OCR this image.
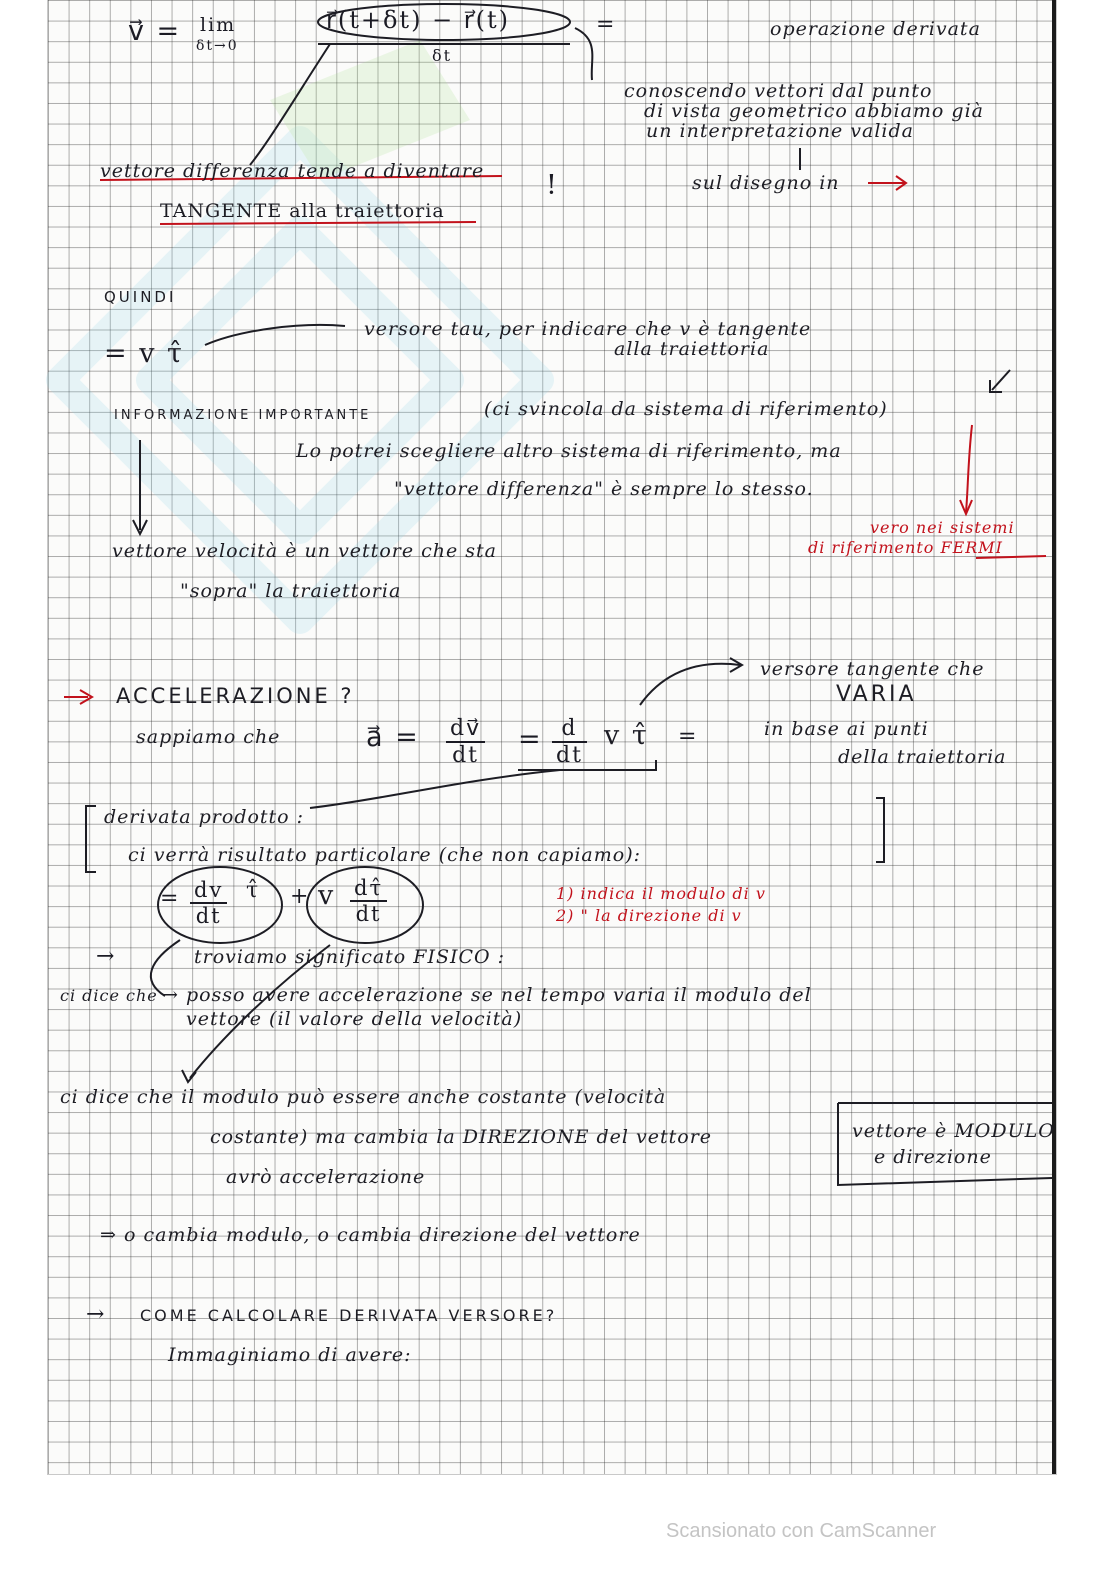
v⃗ = lim
δt→0
r⃗(t+δt) − r⃗(t)
δt
=	operazione derivata
conoscendo vettori dal punto
di vista geometrico abbiamo già
un interpretazione valida
vettore differenza tende a diventare
TANGENTE alla traiettoria
!	sul disegno in
QUINDI
= v τ̂
versore tau, per indicare che v è tangente
alla traiettoria
INFORMAZIONE IMPORTANTE	(ci svincola da sistema di riferimento)
Lo potrei scegliere altro sistema di riferimento, ma
"vettore differenza" è sempre lo stesso.
vero nei sistemi
di riferimento FERMI
vettore velocità è un vettore che sta
"sopra" la traiettoria
ACCELERAZIONE ?
sappiamo che	a⃗ = $\frac{dv⃗}{dt} = \frac{d}{dt}$ v τ̂ =
versore tangente che
VARIA
in base ai punti
della traiettoria
derivata prodotto :
ci verrà risultato particolare (che non capiamo):
= $\frac{dv}{dt}$ τ̂ + v $\frac{d\taû}{dt}$	1) indica il modulo di v
2) " la direzione di v
→	troviamo significato FISICO :
ci dice che → posso avere accelerazione se nel tempo varia il modulo del
vettore (il valore della velocità)
ci dice che il modulo può essere anche costante (velocità
costante) ma cambia la DIREZIONE del vettore
avrò accelerazione
vettore è MODULO
e direzione
⇒ o cambia modulo, o cambia direzione del vettore
→ COME CALCOLARE DERIVATA VERSORE?
Immaginiamo di avere:
Scansionato con CamScanner
